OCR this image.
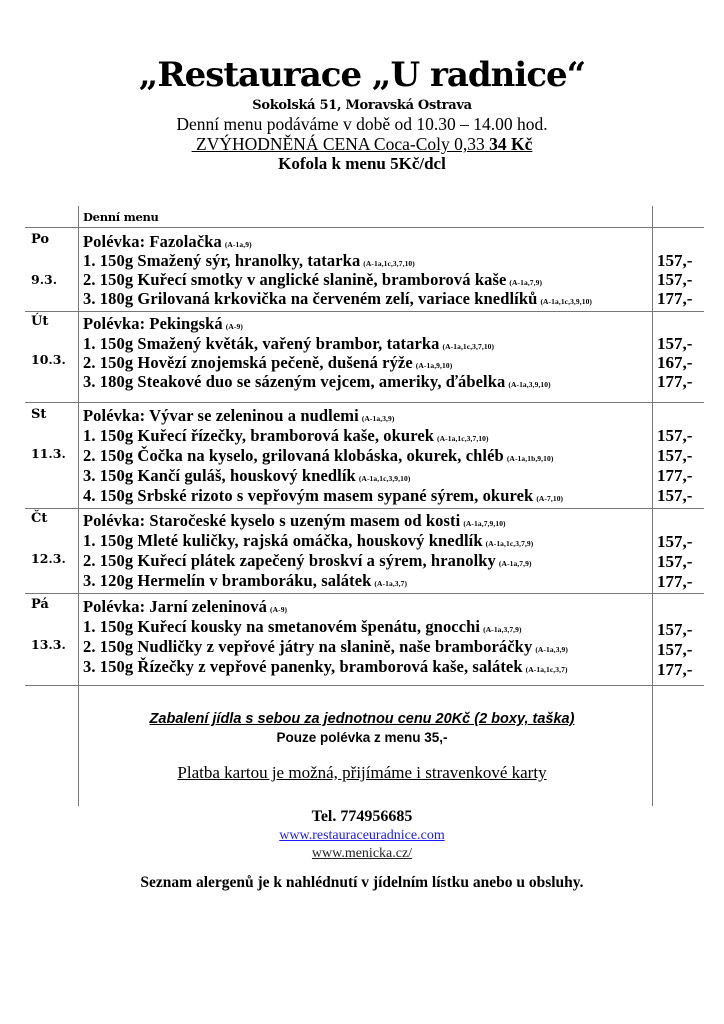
„Restaurace „U radnice“
Sokolská 51, Moravská Ostrava
Denní menu podáváme v době od 10.30 – 14.00 hod.
ZVÝHODNĚNÁ CENA Coca-Coly 0,33 34 Kč
Kofola k menu 5Kč/dcl
Denní menu
Po
9.3.
Polévka: Fazolačka (A-1a,9)
1. 150g Smažený sýr, hranolky, tatarka (A-1a,1c,3,7,10)	157,-
2. 150g Kuřecí smotky v anglické slanině, bramborová kaše (A-1a,7,9)	157,-
3. 180g Grilovaná krkovička na červeném zelí, variace knedlíků (A-1a,1c,3,9,10)	177,-
Út
10.3.
Polévka: Pekingská (A-9)
1. 150g Smažený květák, vařený brambor, tatarka (A-1a,1c,3,7,10)	157,-
2. 150g Hovězí znojemská pečeně, dušená rýže (A-1a,9,10)	167,-
3. 180g Steakové duo se sázeným vejcem, ameriky, ďábelka (A-1a,3,9,10)	177,-
St
11.3.
Polévka: Vývar se zeleninou a nudlemi (A-1a,3,9)
1. 150g Kuřecí řízečky, bramborová kaše, okurek (A-1a,1c,3,7,10)	157,-
2. 150g Čočka na kyselo, grilovaná klobáska, okurek, chléb (A-1a,1b,9,10)	157,-
3. 150g Kančí guláš, houskový knedlík (A-1a,1c,3,9,10)	177,-
4. 150g Srbské rizoto s vepřovým masem sypané sýrem, okurek (A-7,10)	157,-
Čt
12.3.
Polévka: Staročeské kyselo s uzeným masem od kosti (A-1a,7,9,10)
1. 150g Mleté kuličky, rajská omáčka, houskový knedlík (A-1a,1c,3,7,9)	157,-
2. 150g Kuřecí plátek zapečený broskví a sýrem, hranolky (A-1a,7,9)	157,-
3. 120g Hermelín v bramboráku, salátek (A-1a,3,7)	177,-
Pá
13.3.
Polévka: Jarní zeleninová (A-9)
1. 150g Kuřecí kousky na smetanovém špenátu, gnocchi (A-1a,3,7,9)	157,-
2. 150g Nudličky z vepřové játry na slanině, naše bramboráčky (A-1a,3,9)	157,-
3. 150g Řízečky z vepřové panenky, bramborová kaše, salátek (A-1a,1c,3,7)	177,-
Zabalení jídla s sebou za jednotnou cenu 20Kč (2 boxy, taška)
Pouze polévka z menu 35,-
Platba kartou je možná, přijímáme i stravenkové karty
Tel. 774956685
www.restauraceuradnice.com
www.menicka.cz/
Seznam alergenů je k nahlédnutí v jídelním lístku anebo u obsluhy.
